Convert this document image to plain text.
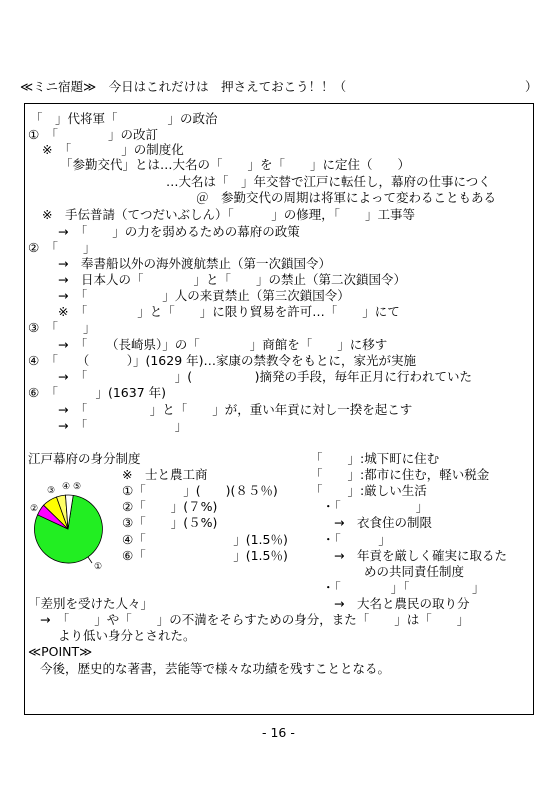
≪ミニ宿題≫　今日はこれだけは　押さえておこう！！（	）
「　」代将軍「　　　　」の政治
①　「　　　　」の改訂
※　「　　　　」の制度化
「参勤交代」とは…大名の「　　」を「　　」に定住（　　）
…大名は「　」年交替で江戸に転任し，幕府の仕事につく
＠　参勤交代の周期は将軍によって変わることもある
※　手伝普請（てつだいぶしん）「　　　」の修理，「　　」工事等
→　「　　」の力を弱めるための幕府の政策
②　「　　」
→　奉書船以外の海外渡航禁止（第一次鎖国令）
→　日本人の「　　　　」と「　　」の禁止（第二次鎖国令）
→　「　　　　　　」人の来貢禁止（第三次鎖国令）
※　「　　　　」と「　　」に限り貿易を許可…「　　」にて
③　「　　」
→　「　　（長崎県）」の「　　　　」商館を「　　」に移す
④　「　　（　　　）」(1629 年)…家康の禁教令をもとに，家光が実施
→　「　　　　　　　」(　　　　　)摘発の手段，毎年正月に行われていた
⑥　「　　　」(1637 年)
→　「　　　　　」と「　　」が，重い年貢に対し一揆を起こす
→　「　　　　　　　」
江戸幕府の身分制度
※　士と農工商
①「　　　」(　　)(８５％)
②「　　」(７%)
③「　　」(５%)
④「　　　　　　　」(1.5％)
⑥「　　　　　　　」(1.5％)
「　　」:城下町に住む
「　　」:都市に住む，軽い税金
「　　」:厳しい生活
・「　　　　　　」
→　衣食住の制限
・「　　　」
→　年貢を厳しく確実に取るた
めの共同責任制度
・「　　　　」「　　　　　」
→　大名と農民の取り分
①
②
③ ④ ⑤
「差別を受けた人々」
→　「　　」や「　　」の不満をそらすための身分，また「　　」は「　　」
より低い身分とされた。
≪POINT≫
今後，歴史的な著書，芸能等で様々な功績を残すこととなる。
- 16 -
